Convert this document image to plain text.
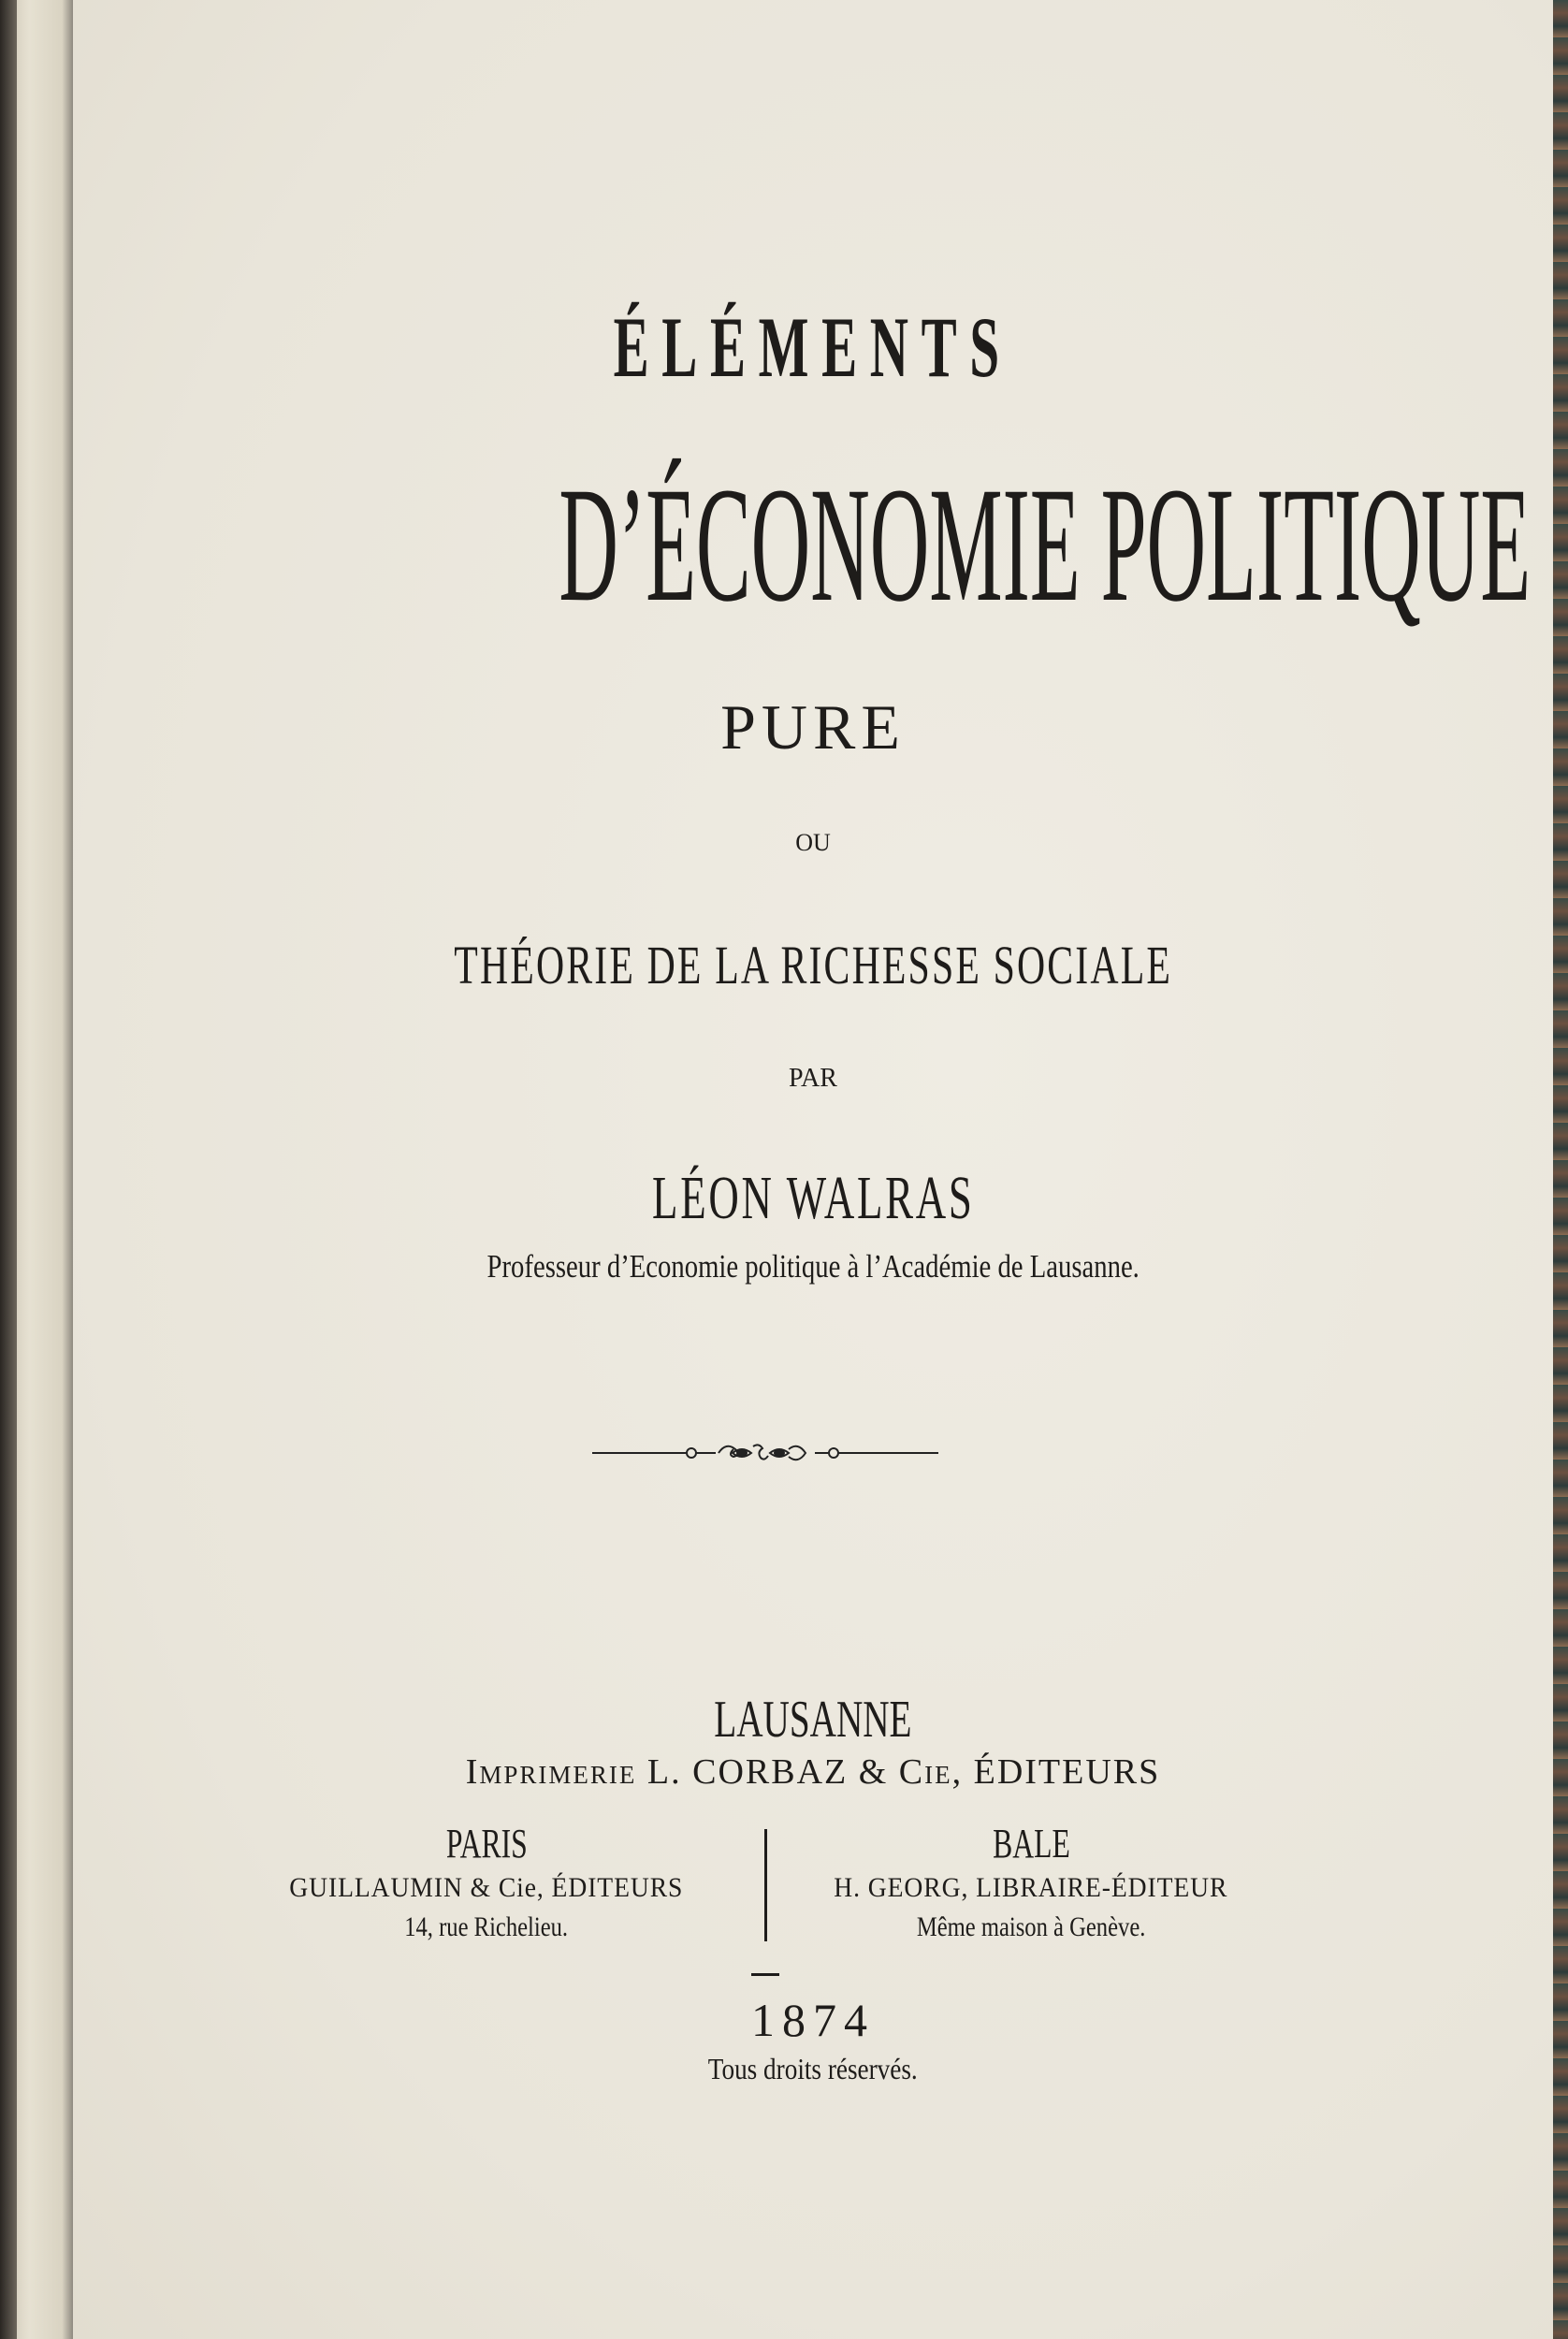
ÉLÉMENTS
D’ÉCONOMIE POLITIQUE
PURE
OU
THÉORIE DE LA RICHESSE SOCIALE
PAR
LÉON WALRAS
Professeur d’Economie politique à l’Académie de Lausanne.
LAUSANNE
Imprimerie L. CORBAZ & Cie, ÉDITEURS
PARIS
GUILLAUMIN & Cie, ÉDITEURS
14, rue Richelieu.
BALE
H. GEORG, LIBRAIRE-ÉDITEUR
Même maison à Genève.
1874
Tous droits réservés.
